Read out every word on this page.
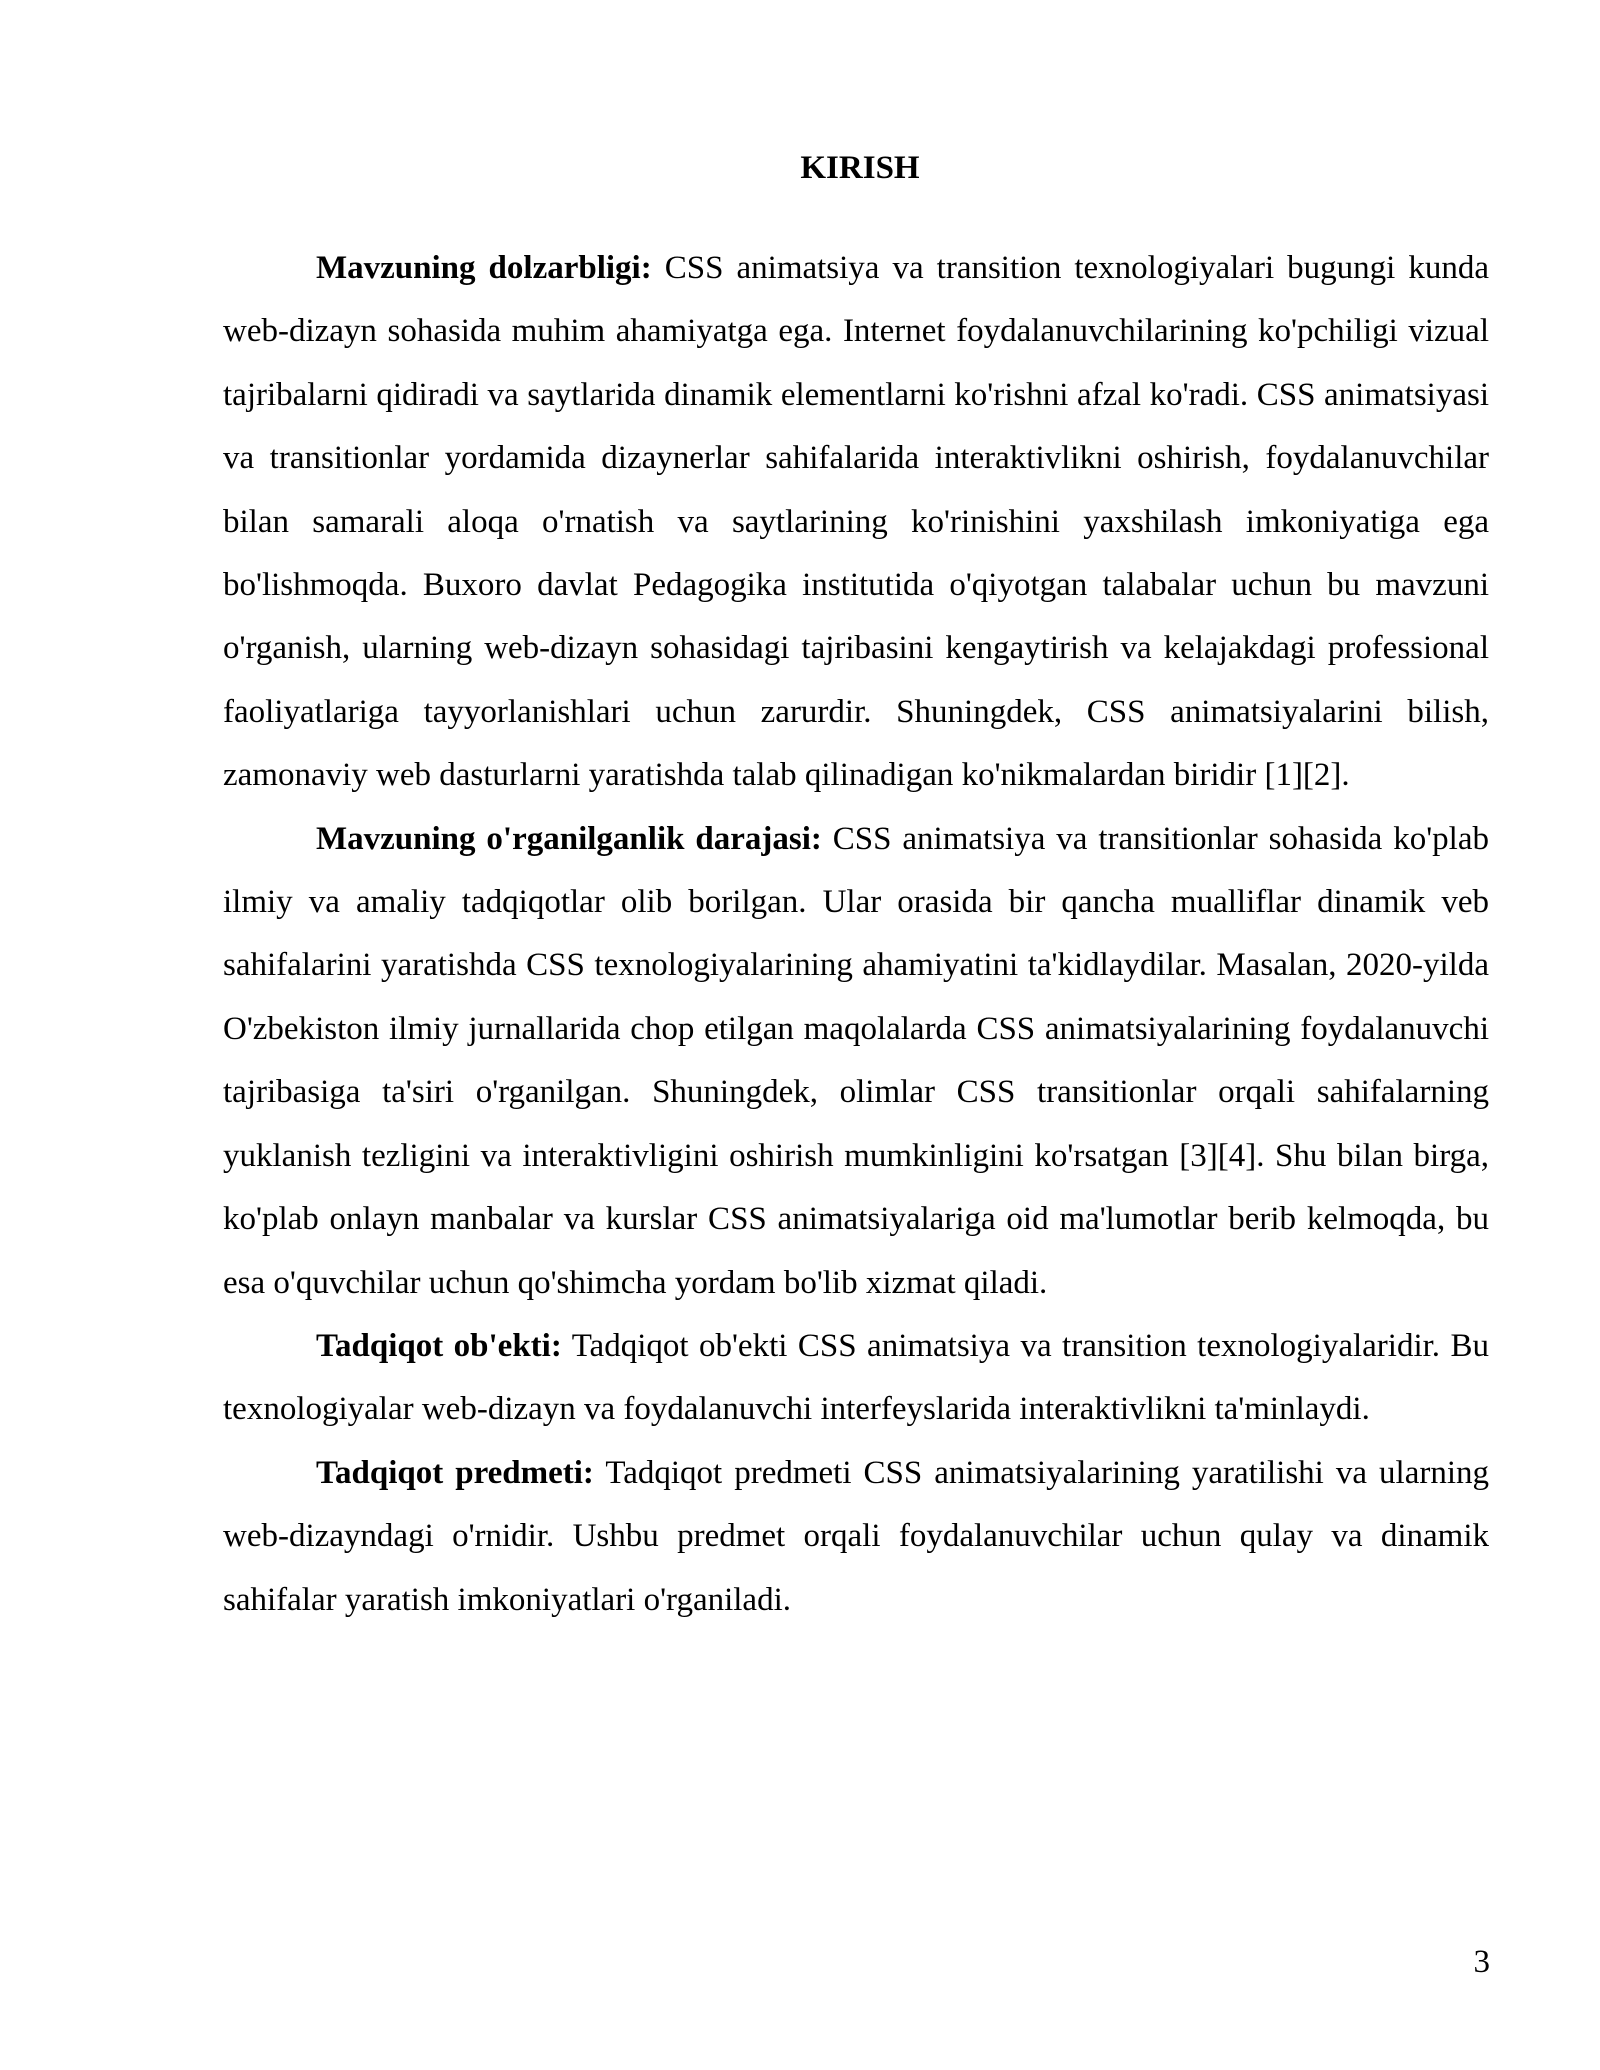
KIRISH

Mavzuning dolzarbligi: CSS animatsiya va transition texnologiyalari bugungi kunda web-dizayn sohasida muhim ahamiyatga ega. Internet foydalanuvchilarining ko'pchiligi vizual tajribalarni qidiradi va saytlarida dinamik elementlarni ko'rishni afzal ko'radi. CSS animatsiyasi va transitionlar yordamida dizaynerlar sahifalarida interaktivlikni oshirish, foydalanuvchilar bilan samarali aloqa o'rnatish va saytlarining ko'rinishini yaxshilash imkoniyatiga ega bo'lishmoqda. Buxoro davlat Pedagogika institutida o'qiyotgan talabalar uchun bu mavzuni o'rganish, ularning web-dizayn sohasidagi tajribasini kengaytirish va kelajakdagi professional faoliyatlariga tayyorlanishlari uchun zarurdir. Shuningdek, CSS animatsiyalarini bilish, zamonaviy web dasturlarni yaratishda talab qilinadigan ko'nikmalardan biridir [1][2].

Mavzuning o'rganilganlik darajasi: CSS animatsiya va transitionlar sohasida ko'plab ilmiy va amaliy tadqiqotlar olib borilgan. Ular orasida bir qancha mualliflar dinamik veb sahifalarini yaratishda CSS texnologiyalarining ahamiyatini ta'kidlaydilar. Masalan, 2020-yilda O'zbekiston ilmiy jurnallarida chop etilgan maqolalarda CSS animatsiyalarining foydalanuvchi tajribasiga ta'siri o'rganilgan. Shuningdek, olimlar CSS transitionlar orqali sahifalarning yuklanish tezligini va interaktivligini oshirish mumkinligini ko'rsatgan [3][4]. Shu bilan birga, ko'plab onlayn manbalar va kurslar CSS animatsiyalariga oid ma'lumotlar berib kelmoqda, bu esa o'quvchilar uchun qo'shimcha yordam bo'lib xizmat qiladi.

Tadqiqot ob'ekti: Tadqiqot ob'ekti CSS animatsiya va transition texnologiyalaridir. Bu texnologiyalar web-dizayn va foydalanuvchi interfeyslarida interaktivlikni ta'minlaydi.

Tadqiqot predmeti: Tadqiqot predmeti CSS animatsiyalarining yaratilishi va ularning web-dizayndagi o'rnidir. Ushbu predmet orqali foydalanuvchilar uchun qulay va dinamik sahifalar yaratish imkoniyatlari o'rganiladi.

3
